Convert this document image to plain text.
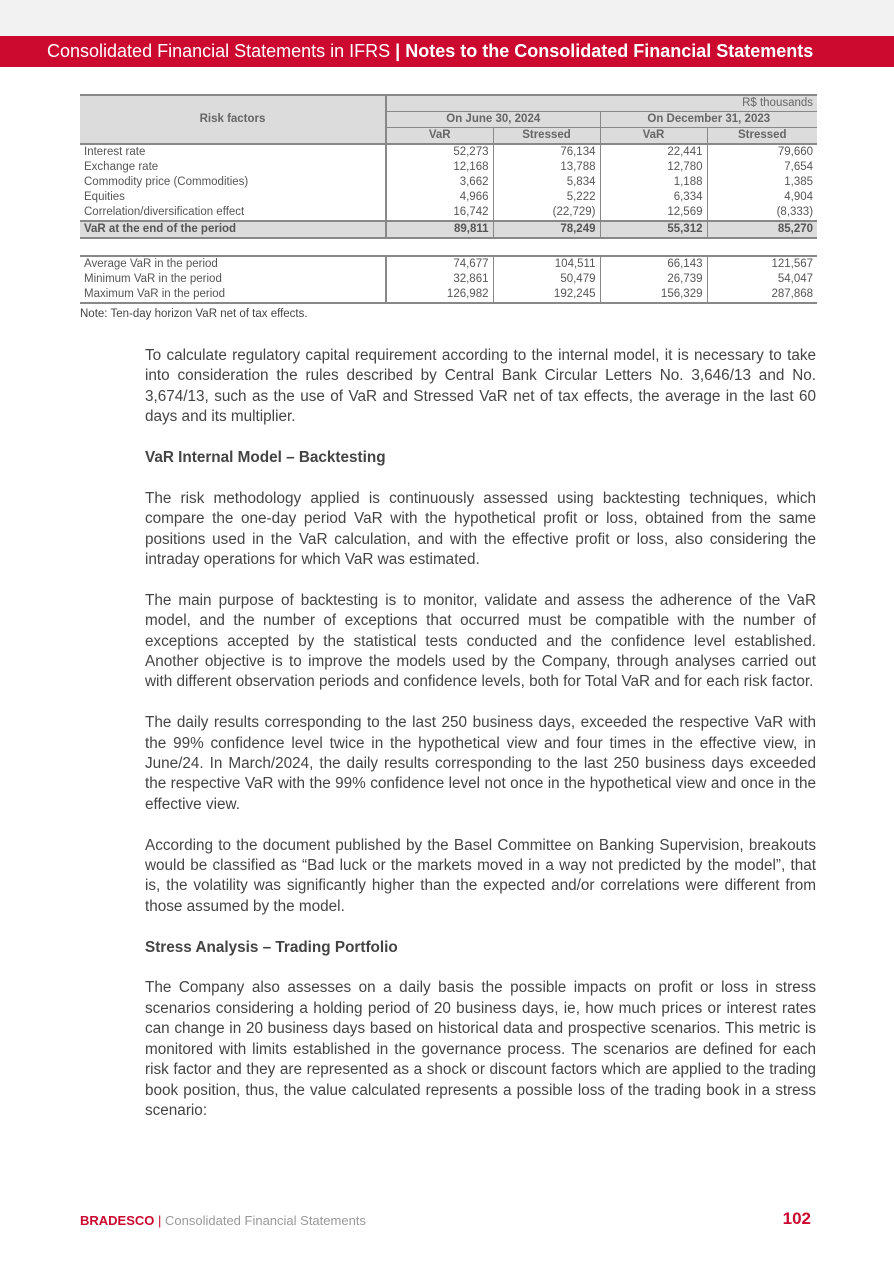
Consolidated Financial Statements in IFRS | Notes to the Consolidated Financial Statements
Risk factors	R$ thousands			
	On June 30, 2024		On December 31, 2023	
	VaR	Stressed	VaR	Stressed
Interest rate	52,273	76,134	22,441	79,660
Exchange rate	12,168	13,788	12,780	7,654
Commodity price (Commodities)	3,662	5,834	1,188	1,385
Equities	4,966	5,222	6,334	4,904
Correlation/diversification effect	16,742	(22,729)	12,569	(8,333)
VaR at the end of the period	89,811	78,249	55,312	85,270

Average VaR in the period	74,677	104,511	66,143	121,567
Minimum VaR in the period	32,861	50,479	26,739	54,047
Maximum VaR in the period	126,982	192,245	156,329	287,868
Note: Ten-day horizon VaR net of tax effects.

To calculate regulatory capital requirement according to the internal model, it is necessary to take into consideration the rules described by Central Bank Circular Letters No. 3,646/13 and No. 3,674/13, such as the use of VaR and Stressed VaR net of tax effects, the average in the last 60 days and its multiplier.

VaR Internal Model – Backtesting

The risk methodology applied is continuously assessed using backtesting techniques, which compare the one-day period VaR with the hypothetical profit or loss, obtained from the same positions used in the VaR calculation, and with the effective profit or loss, also considering the intraday operations for which VaR was estimated.

The main purpose of backtesting is to monitor, validate and assess the adherence of the VaR model, and the number of exceptions that occurred must be compatible with the number of exceptions accepted by the statistical tests conducted and the confidence level established. Another objective is to improve the models used by the Company, through analyses carried out with different observation periods and confidence levels, both for Total VaR and for each risk factor.

The daily results corresponding to the last 250 business days, exceeded the respective VaR with the 99% confidence level twice in the hypothetical view and four times in the effective view, in June/24. In March/2024, the daily results corresponding to the last 250 business days exceeded the respective VaR with the 99% confidence level not once in the hypothetical view and once in the effective view.

According to the document published by the Basel Committee on Banking Supervision, breakouts would be classified as “Bad luck or the markets moved in a way not predicted by the model”, that is, the volatility was significantly higher than the expected and/or correlations were different from those assumed by the model.

Stress Analysis – Trading Portfolio

The Company also assesses on a daily basis the possible impacts on profit or loss in stress scenarios considering a holding period of 20 business days, ie, how much prices or interest rates can change in 20 business days based on historical data and prospective scenarios. This metric is monitored with limits established in the governance process. The scenarios are defined for each risk factor and they are represented as a shock or discount factors which are applied to the trading book position, thus, the value calculated represents a possible loss of the trading book in a stress scenario:

BRADESCO | Consolidated Financial Statements	102
